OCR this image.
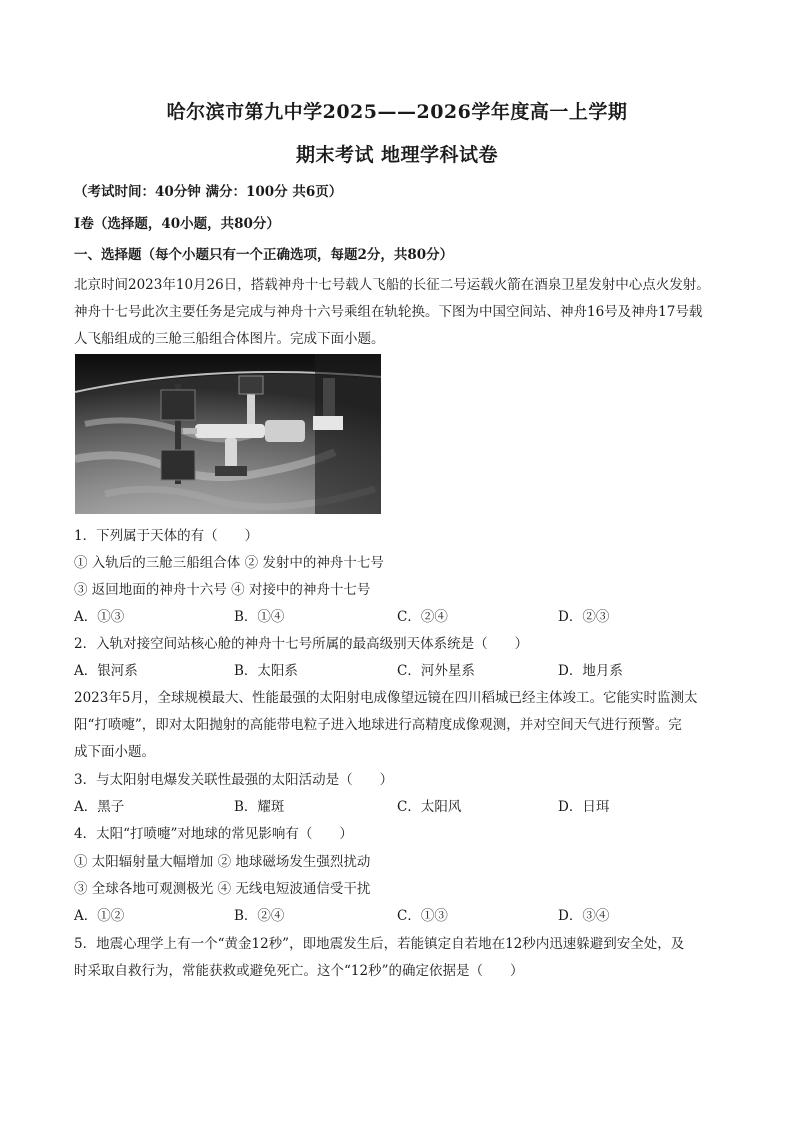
哈尔滨市第九中学2025——2026学年度高一上学期
期末考试 地理学科试卷
（考试时间：40分钟 满分：100分 共6页）
I卷（选择题，40小题，共80分）
一、选择题（每个小题只有一个正确选项，每题2分，共80分）
北京时间2023年10月26日，搭载神舟十七号载人飞船的长征二号运载火箭在酒泉卫星发射中心点火发射。
神舟十七号此次主要任务是完成与神舟十六号乘组在轨轮换。下图为中国空间站、神舟16号及神舟17号载
人飞船组成的三舱三船组合体图片。完成下面小题。
1．下列属于天体的有（　　）
① 入轨后的三舱三船组合体 ② 发射中的神舟十七号
③ 返回地面的神舟十六号 ④ 对接中的神舟十七号
A．①③	B．①④	C．②④	D．②③
2．入轨对接空间站核心舱的神舟十七号所属的最高级别天体系统是（　　）
A．银河系	B．太阳系	C．河外星系	D．地月系
2023年5月，全球规模最大、性能最强的太阳射电成像望远镜在四川稻城已经主体竣工。它能实时监测太
阳“打喷嚏”，即对太阳抛射的高能带电粒子进入地球进行高精度成像观测，并对空间天气进行预警。完
成下面小题。
3．与太阳射电爆发关联性最强的太阳活动是（　　）
A．黑子	B．耀斑	C．太阳风	D．日珥
4．太阳“打喷嚏”对地球的常见影响有（　　）
① 太阳辐射量大幅增加 ② 地球磁场发生强烈扰动
③ 全球各地可观测极光 ④ 无线电短波通信受干扰
A．①②	B．②④	C．①③	D．③④
5．地震心理学上有一个“黄金12秒”，即地震发生后，若能镇定自若地在12秒内迅速躲避到安全处，及
时采取自救行为，常能获救或避免死亡。这个“12秒”的确定依据是（　　）
